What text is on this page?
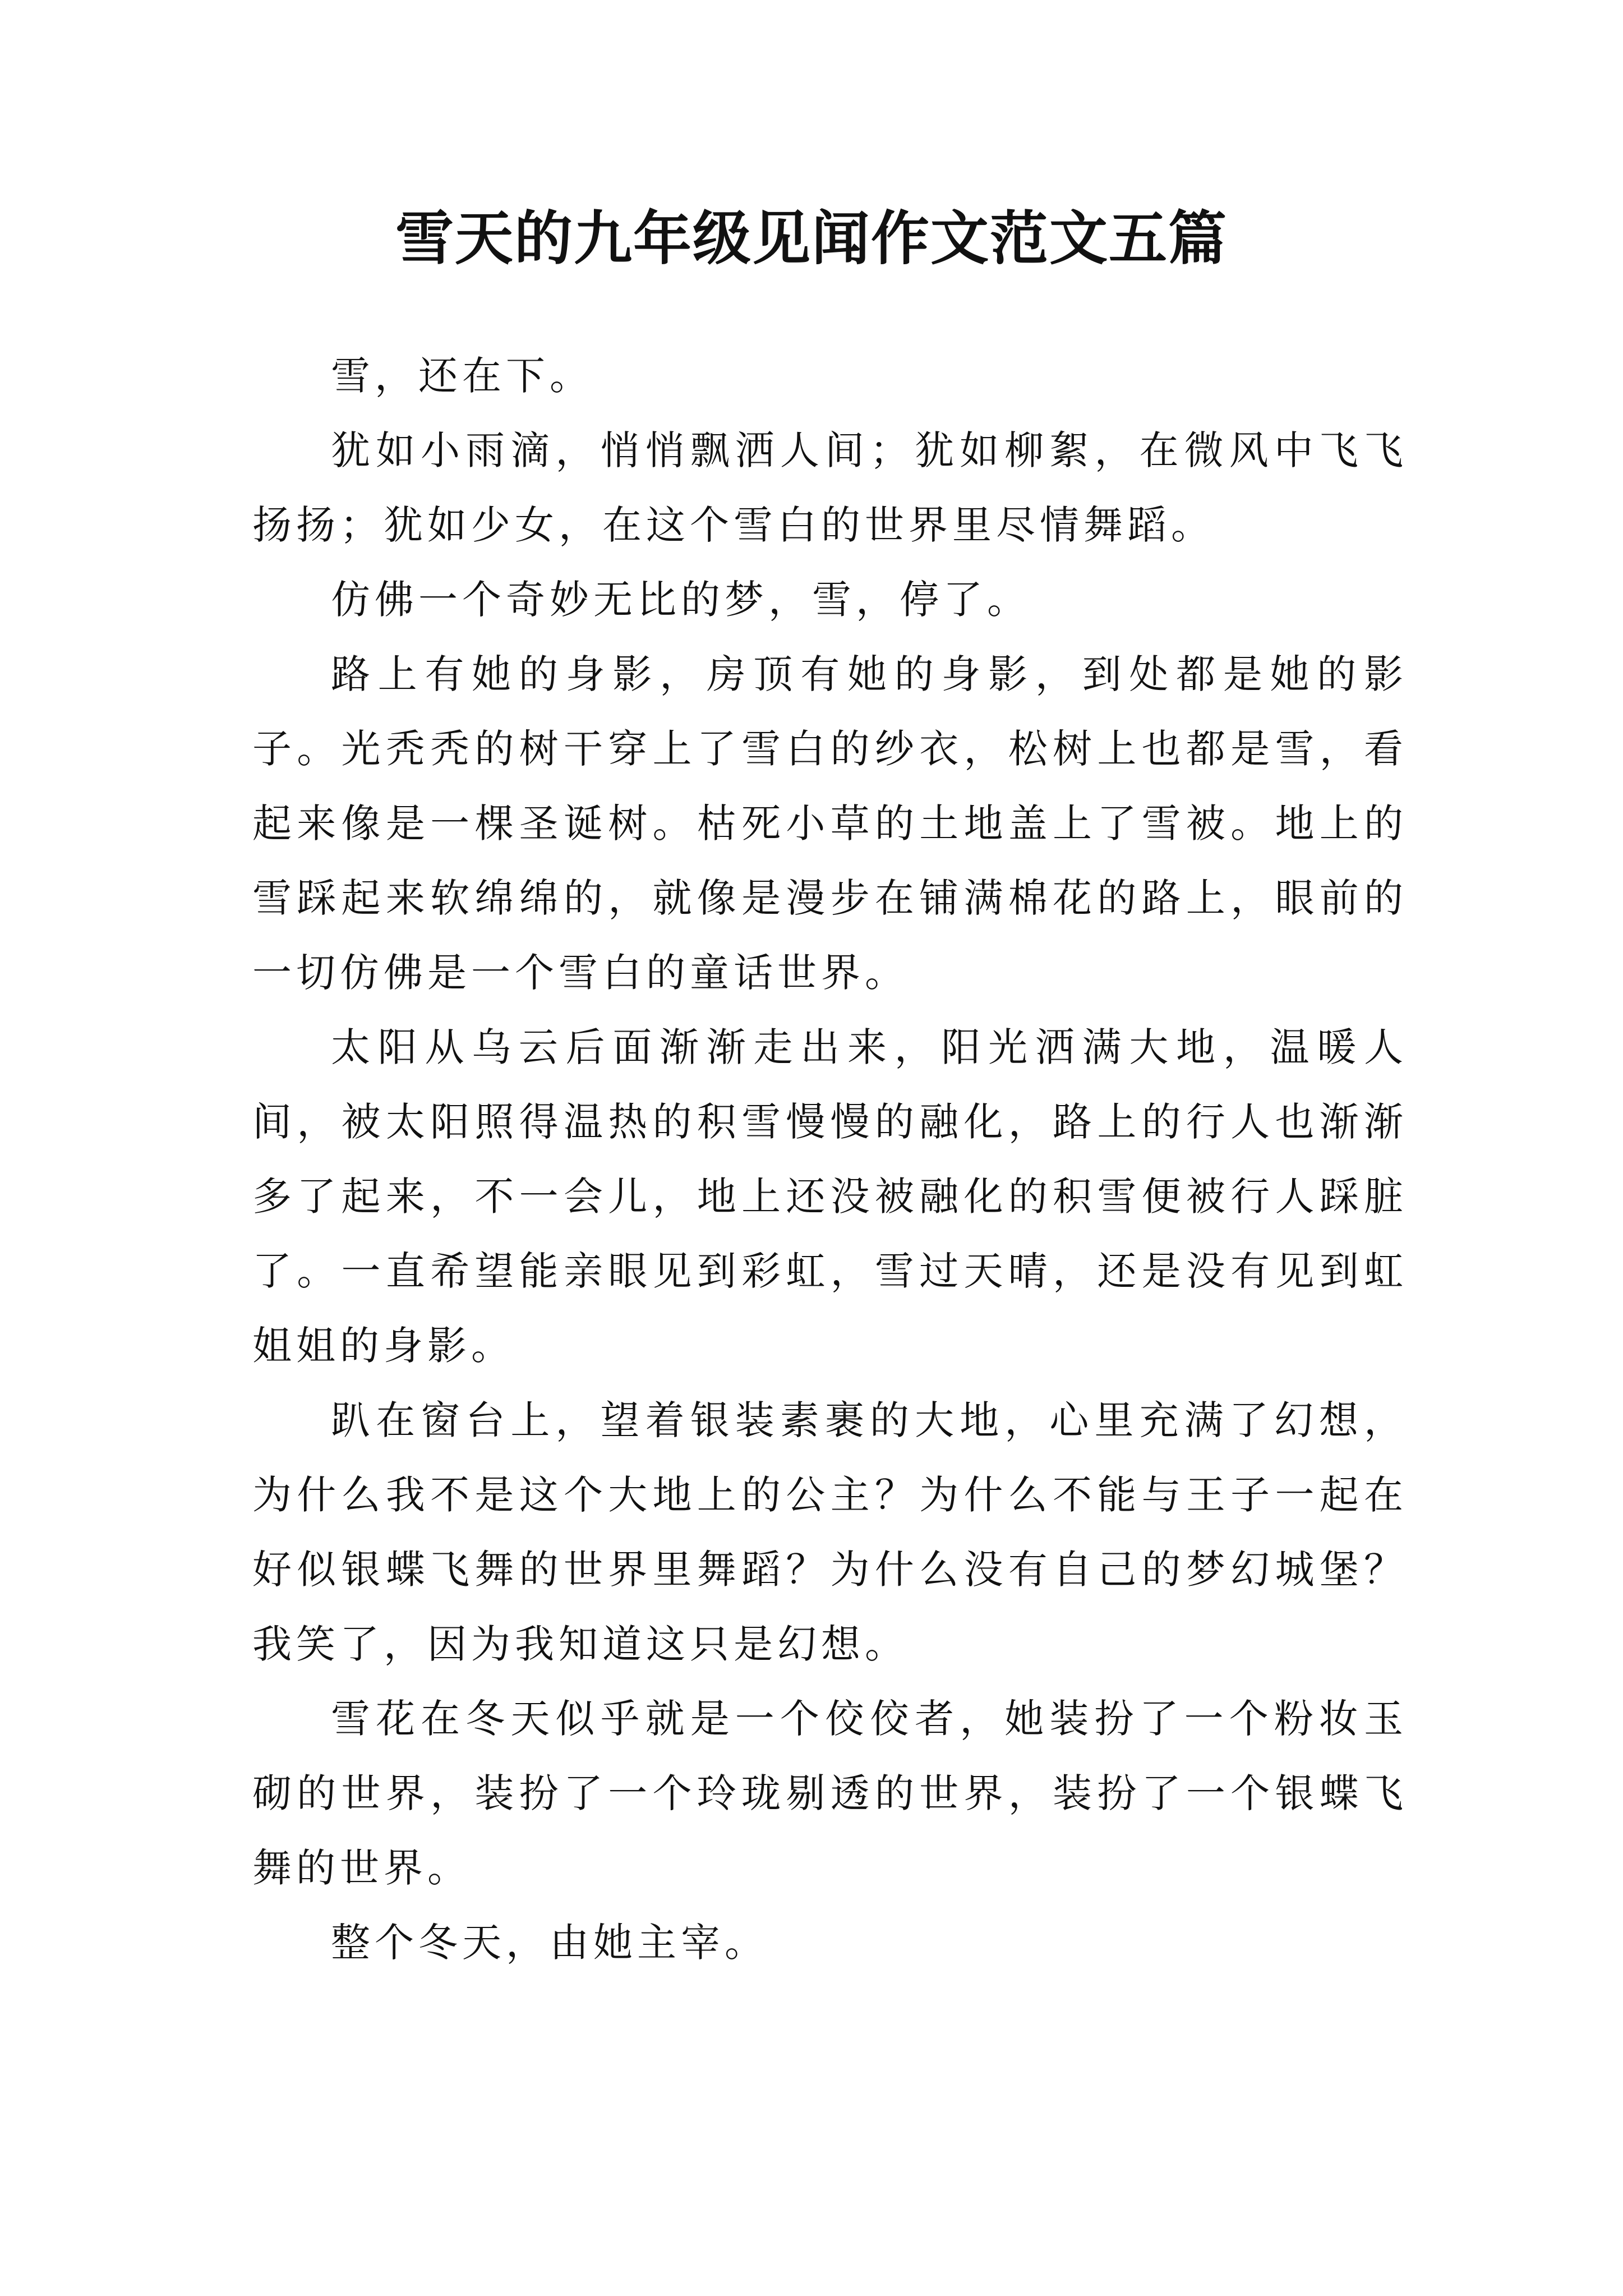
雪天的九年级见闻作文范文五篇

雪，还在下。

犹如小雨滴，悄悄飘洒人间；犹如柳絮，在微风中飞飞扬扬；犹如少女，在这个雪白的世界里尽情舞蹈。

仿佛一个奇妙无比的梦，雪，停了。

路上有她的身影，房顶有她的身影，到处都是她的影子。光秃秃的树干穿上了雪白的纱衣，松树上也都是雪，看起来像是一棵圣诞树。枯死小草的土地盖上了雪被。地上的雪踩起来软绵绵的，就像是漫步在铺满棉花的路上，眼前的一切仿佛是一个雪白的童话世界。

太阳从乌云后面渐渐走出来，阳光洒满大地，温暖人间，被太阳照得温热的积雪慢慢的融化，路上的行人也渐渐多了起来，不一会儿，地上还没被融化的积雪便被行人踩脏了。一直希望能亲眼见到彩虹，雪过天晴，还是没有见到虹姐姐的身影。

趴在窗台上，望着银装素裹的大地，心里充满了幻想，为什么我不是这个大地上的公主？为什么不能与王子一起在好似银蝶飞舞的世界里舞蹈？为什么没有自己的梦幻城堡？我笑了，因为我知道这只是幻想。

雪花在冬天似乎就是一个佼佼者，她装扮了一个粉妆玉砌的世界，装扮了一个玲珑剔透的世界，装扮了一个银蝶飞舞的世界。

整个冬天，由她主宰。
